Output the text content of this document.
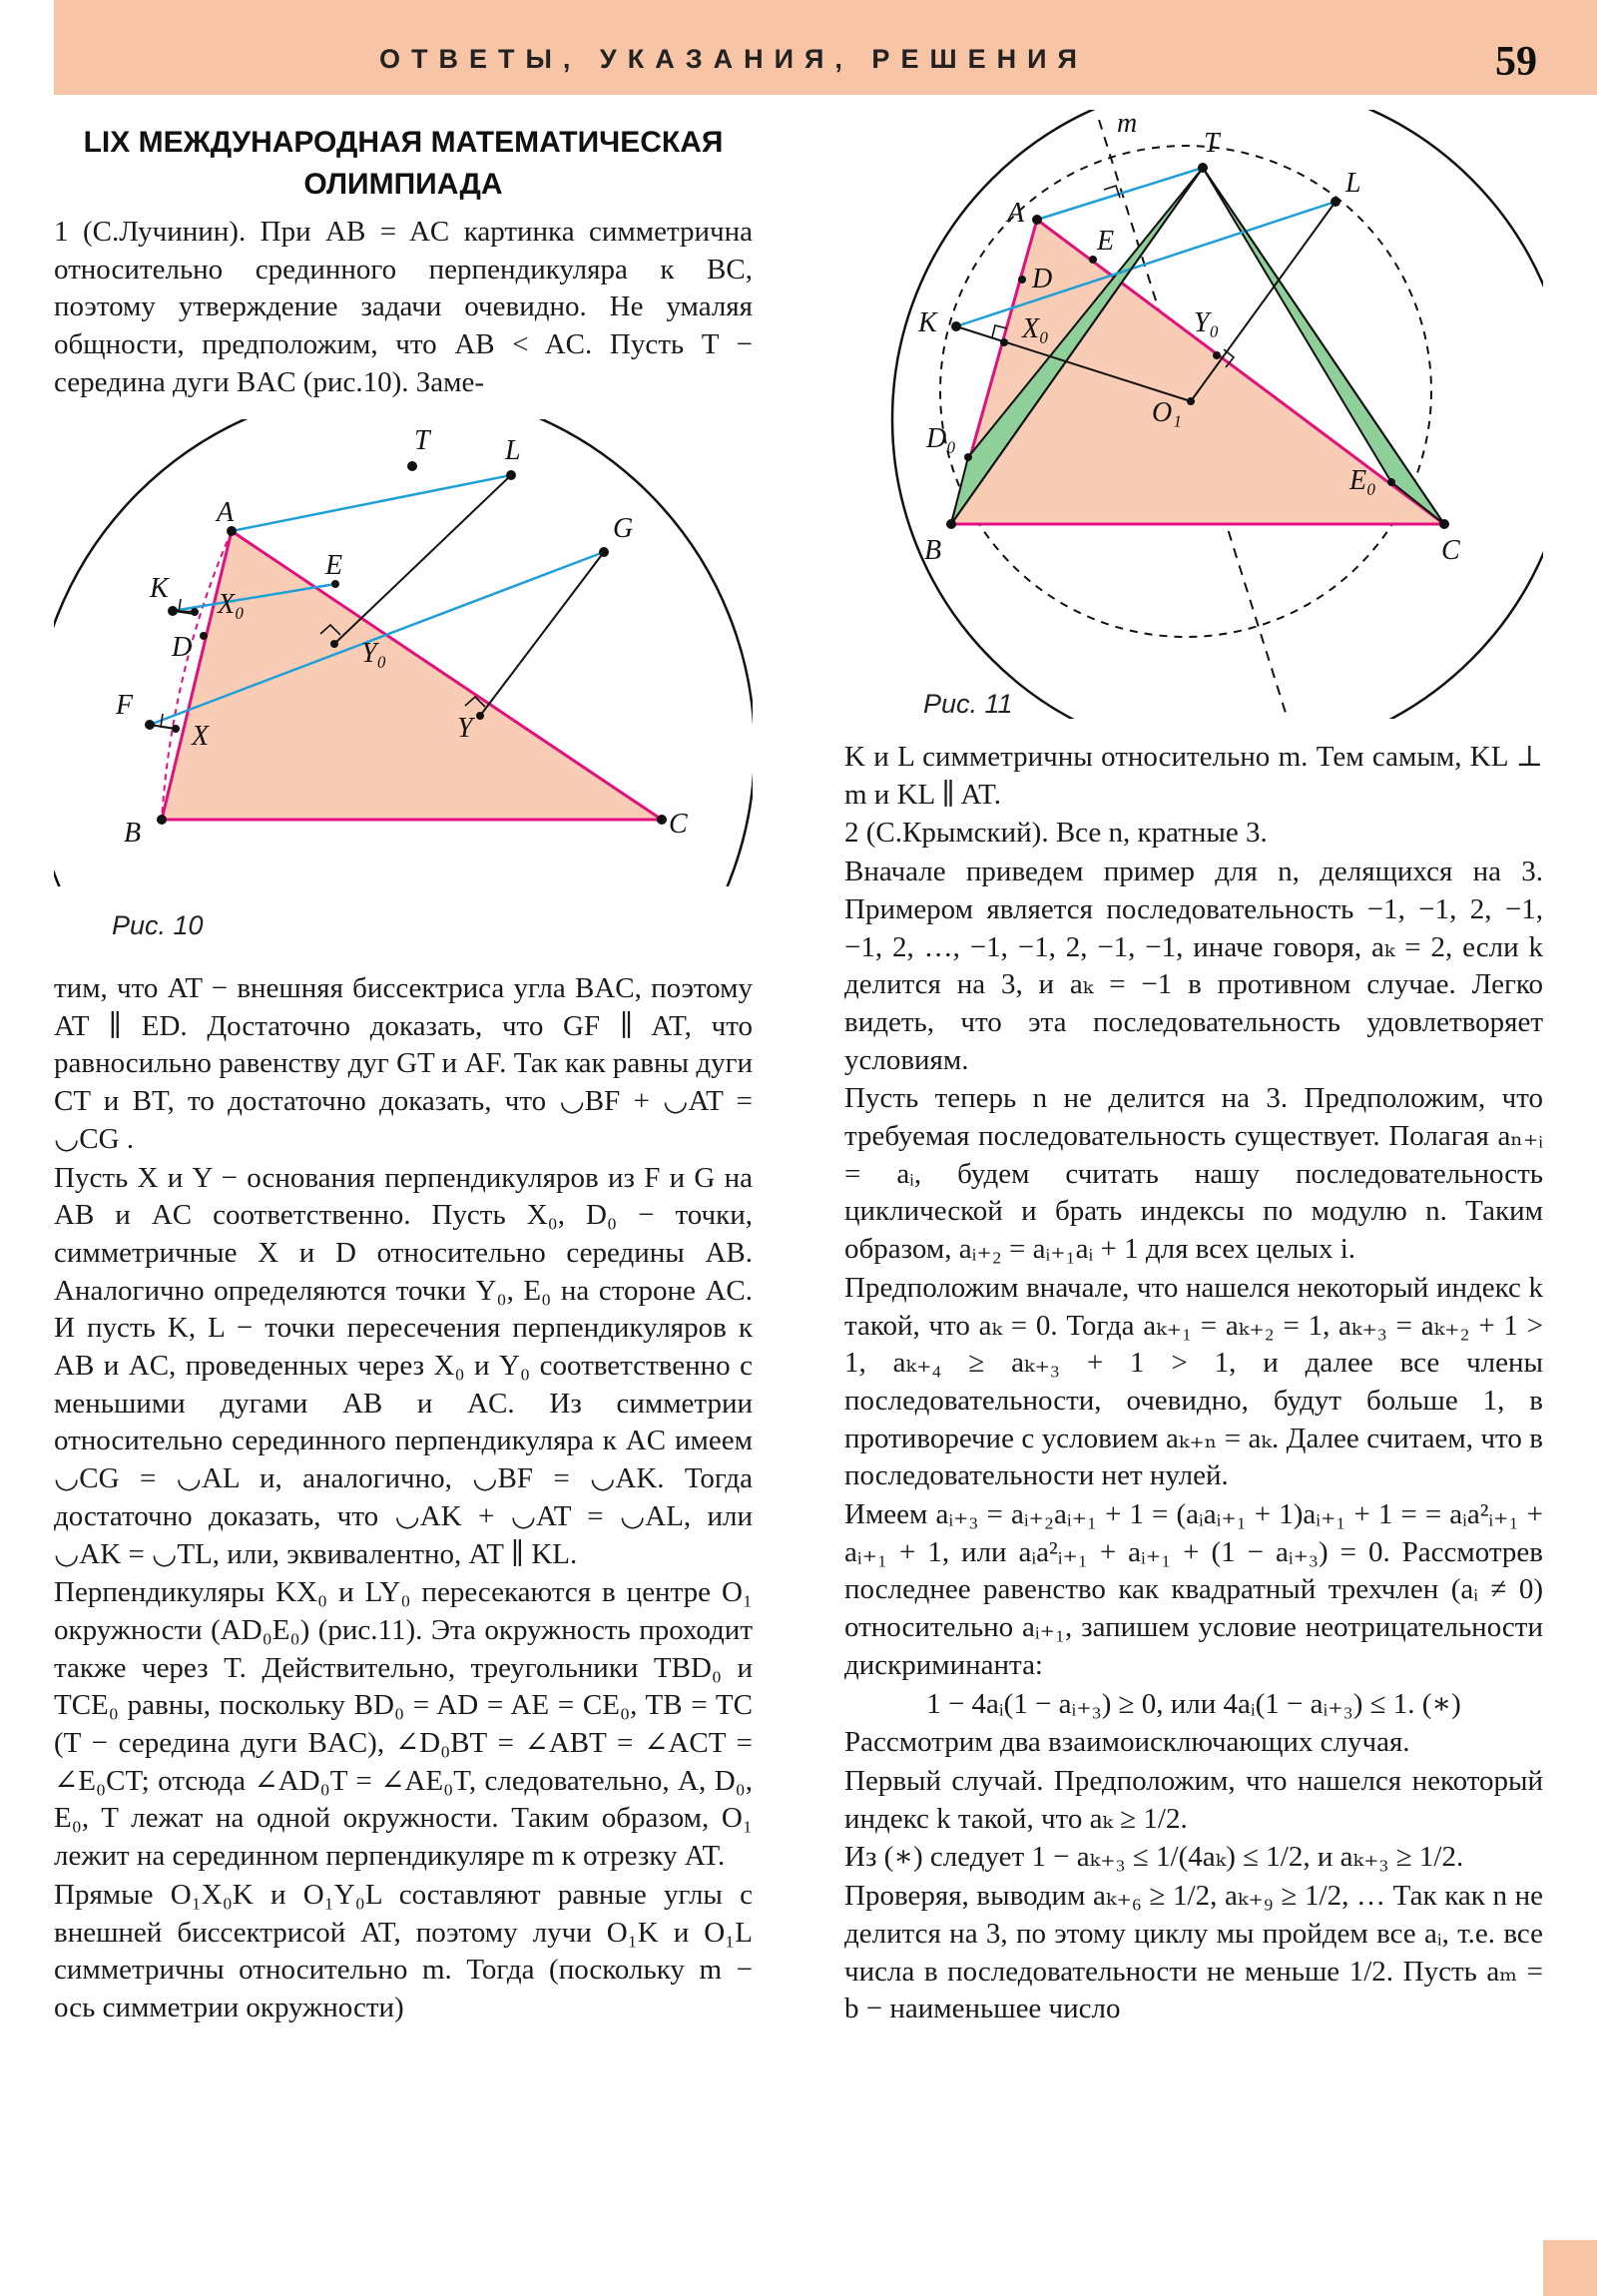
ОТВЕТЫ, УКАЗАНИЯ, РЕШЕНИЯ	59
LIX МЕЖДУНАРОДНАЯ МАТЕМАТИЧЕСКАЯ ОЛИМПИАДА

1 (С.Лучинин). При AB = AC картинка симметрична относительно срединного перпендикуляра к BC, поэтому утверждение задачи очевидно. Не умаляя общности, предположим, что AB < AC. Пусть T − середина дуги BAC (рис.10). Заме-

T	L
A
G
K
E
X₀
D	Y₀
F
Y
X
B	C
Рис. 10

тим, что AT − внешняя биссектриса угла BAC, поэтому AT ∥ ED. Достаточно доказать, что GF ∥ AT, что равносильно равенству дуг GT и AF. Так как равны дуги CT и BT, то достаточно доказать, что ◡BF + ◡AT = ◡CG .

Пусть X и Y − основания перпендикуляров из F и G на AB и AC соответственно. Пусть X₀, D₀ − точки, симметричные X и D относительно середины AB. Аналогично определяются точки Y₀, E₀ на стороне AC. И пусть K, L − точки пересечения перпендикуляров к AB и AC, проведенных через X₀ и Y₀ соответственно с меньшими дугами AB и AC. Из симметрии относительно серединного перпендикуляра к AC имеем ◡CG = ◡AL и, аналогично, ◡BF = ◡AK. Тогда достаточно доказать, что ◡AK + ◡AT = ◡AL, или ◡AK = ◡TL, или, эквивалентно, AT ∥ KL.

Перпендикуляры KX₀ и LY₀ пересекаются в центре O₁ окружности (AD₀E₀) (рис.11). Эта окружность проходит также через T. Действительно, треугольники TBD₀ и TCE₀ равны, поскольку BD₀ = AD = AE = CE₀, TB = TC (T − середина дуги BAC), ∠D₀BT = ∠ABT = ∠ACT = ∠E₀CT; отсюда ∠AD₀T = ∠AE₀T, следовательно, A, D₀, E₀, T лежат на одной окружности. Таким образом, O₁ лежит на серединном перпендикуляре m к отрезку AT.

Прямые O₁X₀K и O₁Y₀L составляют равные углы с внешней биссектрисой AT, поэтому лучи O₁K и O₁L симметричны относительно m. Тогда (поскольку m − ось симметрии окружности)

m
T
L
A
E
D
K	X₀	Y₀
O₁
D₀
E₀
B	C
Рис. 11

K и L симметричны относительно m. Тем самым, KL ⊥ m и KL ∥ AT.

2 (С.Крымский). Все n, кратные 3.

Вначале приведем пример для n, делящихся на 3. Примером является последовательность −1, −1, 2, −1, −1, 2, …, −1, −1, 2, −1, −1, иначе говоря, aₖ = 2, если k делится на 3, и aₖ = −1 в противном случае. Легко видеть, что эта последовательность удовлетворяет условиям.

Пусть теперь n не делится на 3. Предположим, что требуемая последовательность существует. Полагая aₙ₊ᵢ = aᵢ, будем считать нашу последовательность циклической и брать индексы по модулю n. Таким образом, aᵢ₊₂ = aᵢ₊₁aᵢ + 1 для всех целых i.

Предположим вначале, что нашелся некоторый индекс k такой, что aₖ = 0. Тогда aₖ₊₁ = aₖ₊₂ = 1, aₖ₊₃ = aₖ₊₂ + 1 > 1, aₖ₊₄ ≥ aₖ₊₃ + 1 > 1, и далее все члены последовательности, очевидно, будут больше 1, в противоречие с условием aₖ₊ₙ = aₖ. Далее считаем, что в последовательности нет нулей.

Имеем aᵢ₊₃ = aᵢ₊₂aᵢ₊₁ + 1 = (aᵢaᵢ₊₁ + 1)aᵢ₊₁ + 1 = = aᵢa²ᵢ₊₁ + aᵢ₊₁ + 1, или aᵢa²ᵢ₊₁ + aᵢ₊₁ + (1 − aᵢ₊₃) = 0. Рассмотрев последнее равенство как квадратный трехчлен (aᵢ ≠ 0) относительно aᵢ₊₁, запишем условие неотрицательности дискриминанта:

1 − 4aᵢ(1 − aᵢ₊₃) ≥ 0, или 4aᵢ(1 − aᵢ₊₃) ≤ 1. (∗)

Рассмотрим два взаимоисключающих случая.

Первый случай. Предположим, что нашелся некоторый индекс k такой, что aₖ ≥ 1/2.

Из (∗) следует 1 − aₖ₊₃ ≤ 1/(4aₖ) ≤ 1/2, и aₖ₊₃ ≥ 1/2.

Проверяя, выводим aₖ₊₆ ≥ 1/2, aₖ₊₉ ≥ 1/2, … Так как n не делится на 3, по этому циклу мы пройдем все aᵢ, т.е. все числа в последовательности не меньше 1/2. Пусть aₘ = b − наименьшее число
